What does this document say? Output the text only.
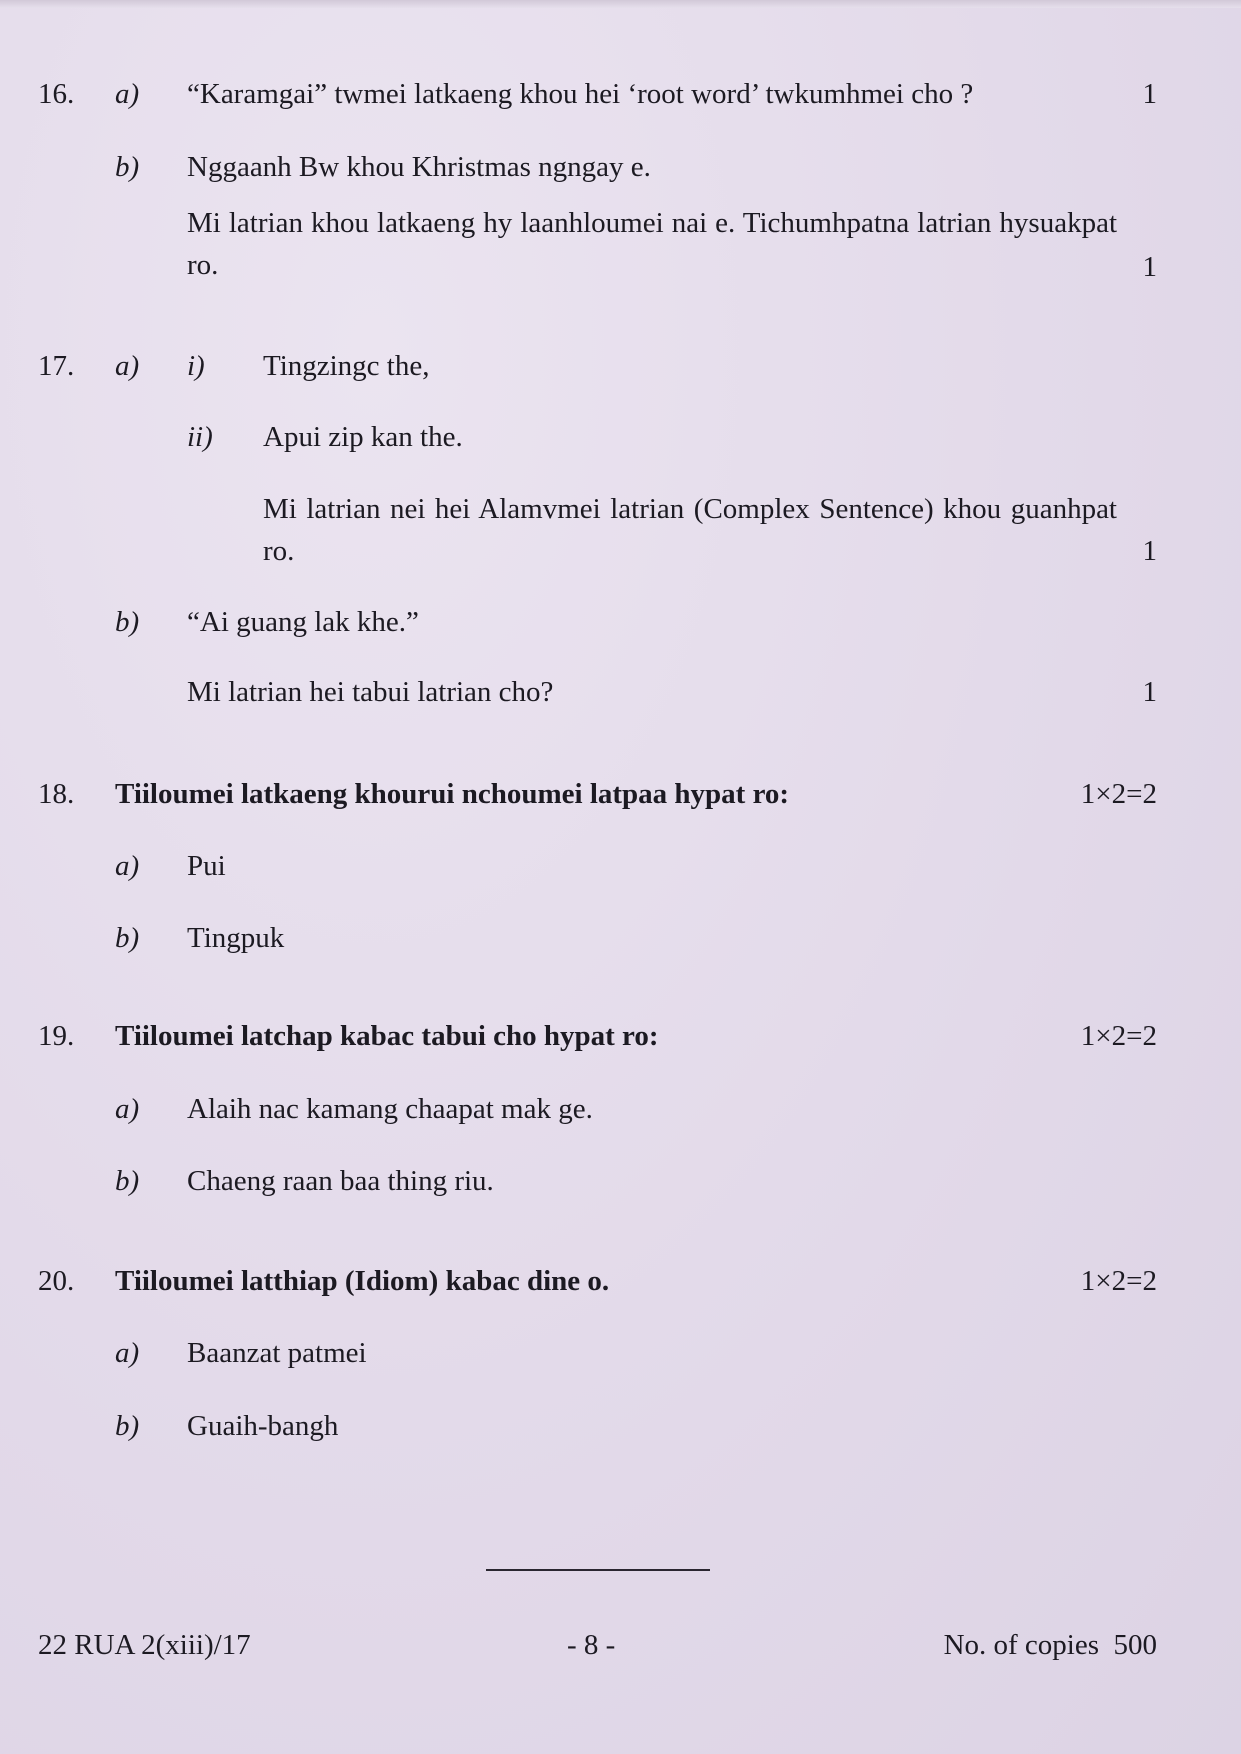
16. a) “Karamgai” twmei latkaeng khou hei ‘root word’ twkumhmei cho ?	1
b) Nggaanh Bw khou Khristmas ngngay e.
Mi latrian khou latkaeng hy laanhloumei nai e. Tichumhpatna latrian hysuakpat ro.	1
17. a) i) Tingzingc the,
ii) Apui zip kan the.
Mi latrian nei hei Alamvmei latrian (Complex Sentence) khou guanhpat ro.	1
b) “Ai guang lak khe.”
Mi latrian hei tabui latrian cho?	1
18. Tiiloumei latkaeng khourui nchoumei latpaa hypat ro:	1×2=2
a) Pui
b) Tingpuk
19. Tiiloumei latchap kabac tabui cho hypat ro:	1×2=2
a) Alaih nac kamang chaapat mak ge.
b) Chaeng raan baa thing riu.
20. Tiiloumei latthiap (Idiom) kabac dine o.	1×2=2
a) Baanzat patmei
b) Guaih-bangh
22 RUA 2(xiii)/17	- 8 -	No. of copies  500
